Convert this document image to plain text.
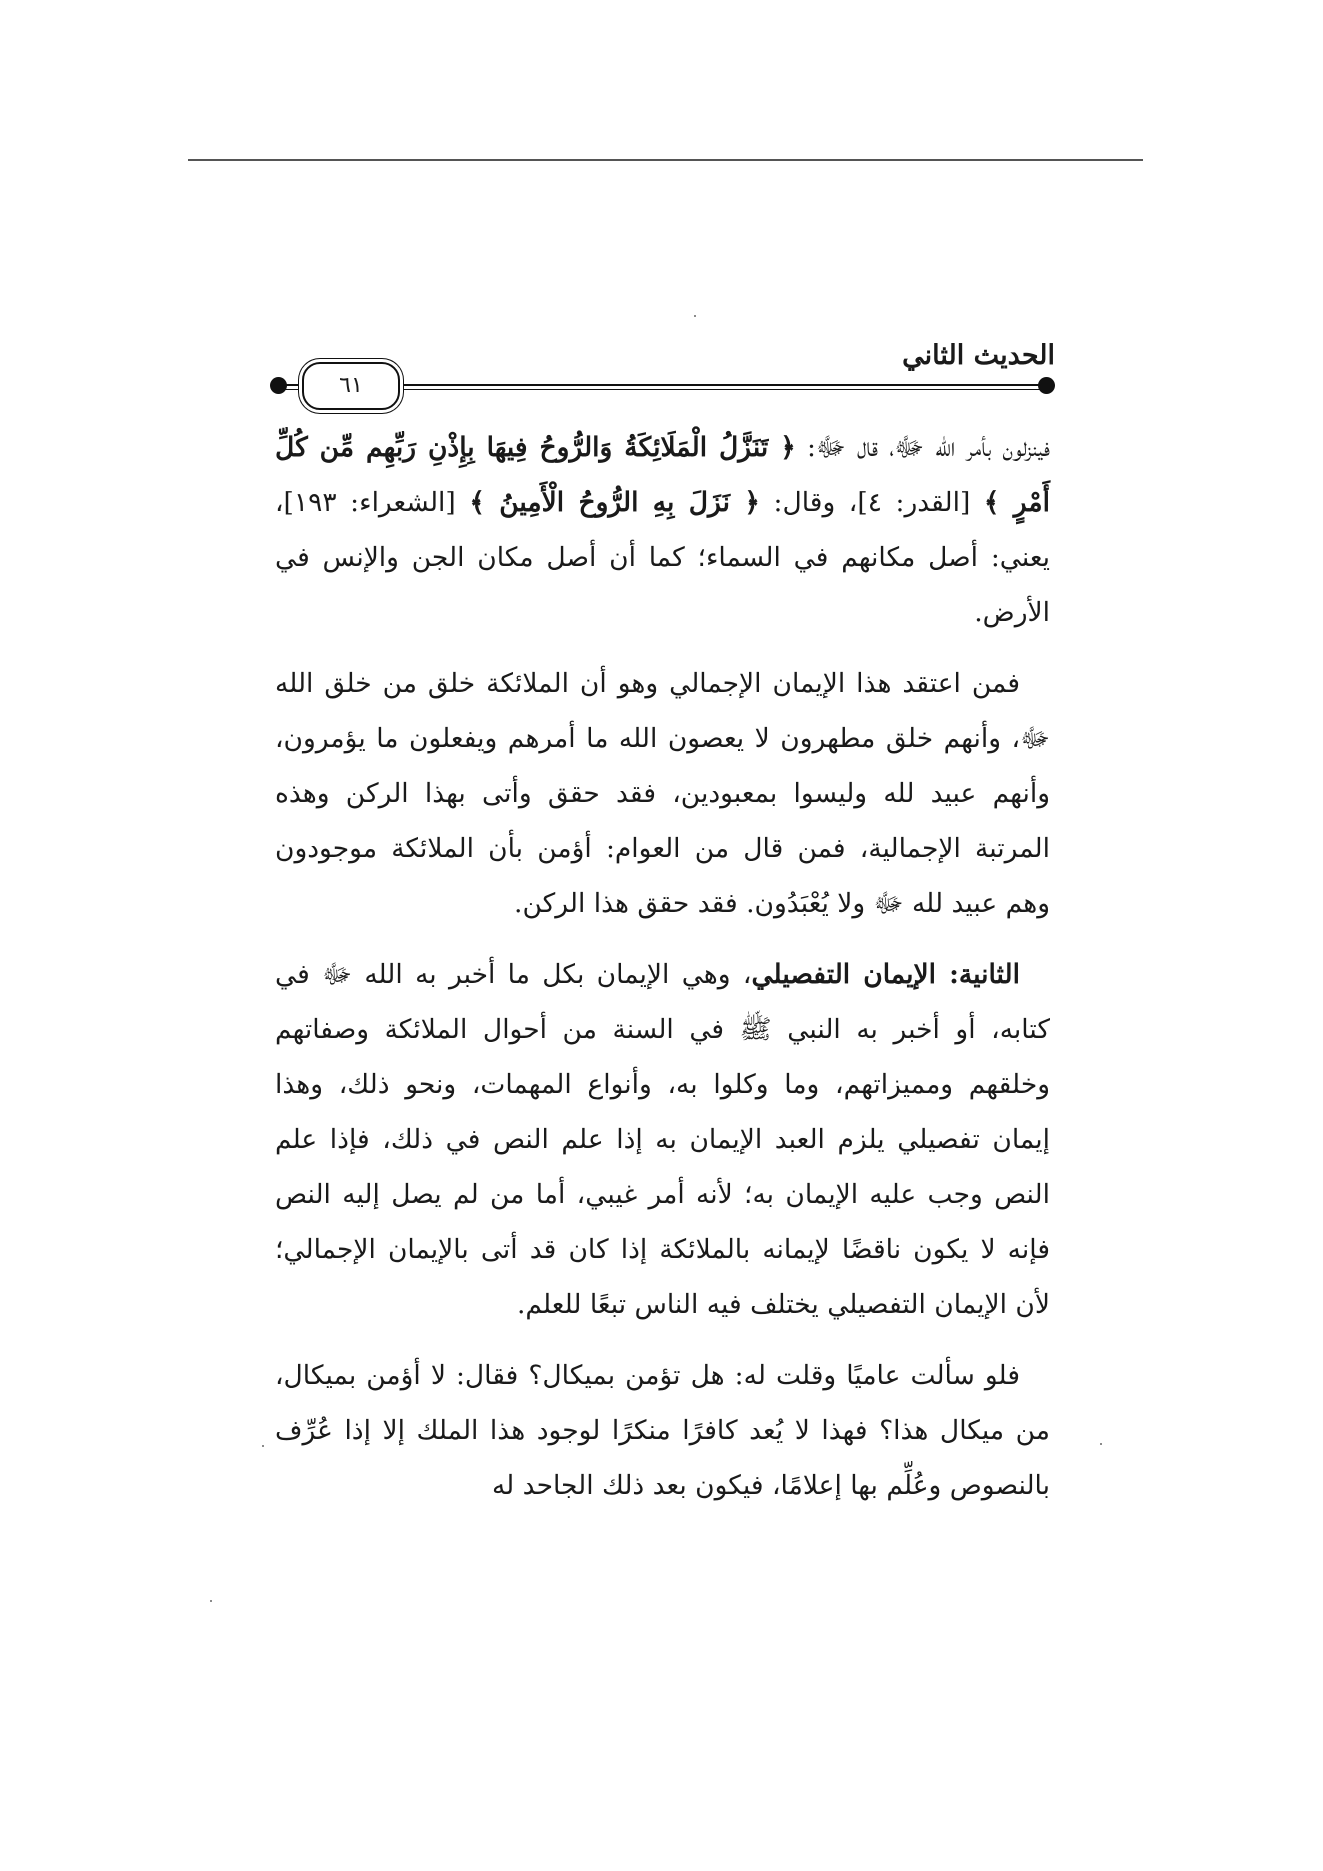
الحديث الثاني
٦١

فينزلون بأمر الله ﷻ، قال ﷻ: ﴿ تَنَزَّلُ الْمَلَائِكَةُ وَالرُّوحُ فِيهَا بِإِذْنِ رَبِّهِم مِّن كُلِّ أَمْرٍ ﴾ [القدر: ٤]، وقال: ﴿ نَزَلَ بِهِ الرُّوحُ الْأَمِينُ ﴾ [الشعراء: ١٩٣]، يعني: أصل مكانهم في السماء؛ كما أن أصل مكان الجن والإنس في الأرض.

فمن اعتقد هذا الإيمان الإجمالي وهو أن الملائكة خلق من خلق الله ﷻ، وأنهم خلق مطهرون لا يعصون الله ما أمرهم ويفعلون ما يؤمرون، وأنهم عبيد لله وليسوا بمعبودين، فقد حقق وأتى بهذا الركن وهذه المرتبة الإجمالية، فمن قال من العوام: أؤمن بأن الملائكة موجودون وهم عبيد لله ﷻ ولا يُعْبَدُون. فقد حقق هذا الركن.

الثانية: الإيمان التفصيلي، وهي الإيمان بكل ما أخبر به الله ﷻ في كتابه، أو أخبر به النبي ﷺ في السنة من أحوال الملائكة وصفاتهم وخلقهم ومميزاتهم، وما وكلوا به، وأنواع المهمات، ونحو ذلك، وهذا إيمان تفصيلي يلزم العبد الإيمان به إذا علم النص في ذلك، فإذا علم النص وجب عليه الإيمان به؛ لأنه أمر غيبي، أما من لم يصل إليه النص فإنه لا يكون ناقضًا لإيمانه بالملائكة إذا كان قد أتى بالإيمان الإجمالي؛ لأن الإيمان التفصيلي يختلف فيه الناس تبعًا للعلم.

فلو سألت عاميًا وقلت له: هل تؤمن بميكال؟ فقال: لا أؤمن بميكال، من ميكال هذا؟ فهذا لا يُعد كافرًا منكرًا لوجود هذا الملك إلا إذا عُرِّف بالنصوص وعُلِّم بها إعلامًا، فيكون بعد ذلك الجاحد له
